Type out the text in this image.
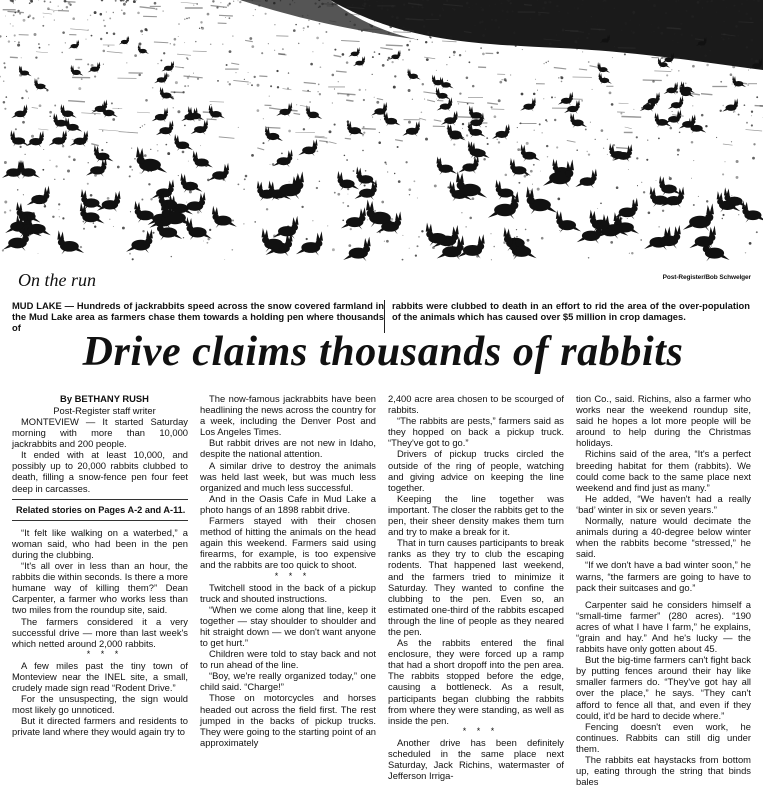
On the run	Post-Register/Bob Schwelger
MUD LAKE — Hundreds of jackrabbits speed across the snow covered farmland in the Mud Lake area as farmers chase them towards a holding pen where thousands of
rabbits were clubbed to death in an effort to rid the area of the over-population of the animals which has caused over $5 million in crop damages.
Drive claims thousands of rabbits

By BETHANY RUSH

Post-Register staff writer

MONTEVIEW — It started Saturday morning with more than 10,000 jackrabbits and 200 people.

It ended with at least 10,000, and possibly up to 20,000 rabbits clubbed to death, filling a snow-fence pen four feet deep in carcasses.

Related stories on Pages A-2 and A-11.

“It felt like walking on a waterbed,” a woman said, who had been in the pen during the clubbing.

“It's all over in less than an hour, the rabbits die within seconds. Is there a more humane way of killing them?” Dean Carpenter, a farmer who works less than two miles from the roundup site, said.

The farmers considered it a very successful drive — more than last week's which netted around 2,000 rabbits.

* * *

A few miles past the tiny town of Monteview near the INEL site, a small, crudely made sign read “Rodent Drive.”

For the unsuspecting, the sign would most likely go unnoticed.

But it directed farmers and residents to private land where they would again try to

The now-famous jackrabbits have been headlining the news across the country for a week, including the Denver Post and Los Angeles Times.

But rabbit drives are not new in Idaho, despite the national attention.

A similar drive to destroy the animals was held last week, but was much less organized and much less successful.

And in the Oasis Cafe in Mud Lake a photo hangs of an 1898 rabbit drive.

Farmers stayed with their chosen method of hitting the animals on the head again this weekend. Farmers said using firearms, for example, is too expensive and the rabbits are too quick to shoot.

* * *

Twitchell stood in the back of a pickup truck and shouted instructions.

“When we come along that line, keep it together — stay shoulder to shoulder and hit straight down — we don't want anyone to get hurt.”

Children were told to stay back and not to run ahead of the line.

“Boy, we're really organized today,” one child said. “Charge!”

Those on motorcycles and horses headed out across the field first. The rest jumped in the backs of pickup trucks. They were going to the starting point of an approximately

2,400 acre area chosen to be scourged of rabbits.

“The rabbits are pests,” farmers said as they hopped on back a pickup truck. “They've got to go.”

Drivers of pickup trucks circled the outside of the ring of people, watching and giving advice on keeping the line together.

Keeping the line together was important. The closer the rabbits get to the pen, their sheer density makes them turn and try to make a break for it.

That in turn causes participants to break ranks as they try to club the escaping rodents. That happened last weekend, and the farmers tried to minimize it Saturday. They wanted to confine the clubbing to the pen. Even so, an estimated one-third of the rabbits escaped through the line of people as they neared the pen.

As the rabbits entered the final enclosure, they were forced up a ramp that had a short dropoff into the pen area. The rabbits stopped before the edge, causing a bottleneck. As a result, participants began clubbing the rabbits from where they were standing, as well as inside the pen.

* * *

Another drive has been definitely scheduled in the same place next Saturday, Jack Richins, watermaster of Jefferson Irriga-

tion Co., said. Richins, also a farmer who works near the weekend roundup site, said he hopes a lot more people will be around to help during the Christmas holidays.

Richins said of the area, “It's a perfect breeding habitat for them (rabbits). We could come back to the same place next weekend and find just as many.”

He added, “We haven't had a really ‘bad’ winter in six or seven years.”

Normally, nature would decimate the animals during a 40-degree below winter when the rabbits become “stressed,” he said.

“If we don't have a bad winter soon,” he warns, “the farmers are going to have to pack their suitcases and go.”

Carpenter said he considers himself a “small-time farmer” (280 acres). “190 acres of what I have I farm,” he explains, “grain and hay.” And he's lucky — the rabbits have only gotten about 45.

But the big-time farmers can't fight back by putting fences around their hay like smaller farmers do. “They've got hay all over the place,” he says. “They can't afford to fence all that, and even if they could, it'd be hard to decide where.”

Fencing doesn't even work, he continues. Rabbits can still dig under them.

The rabbits eat haystacks from bottom up, eating through the string that binds bales
